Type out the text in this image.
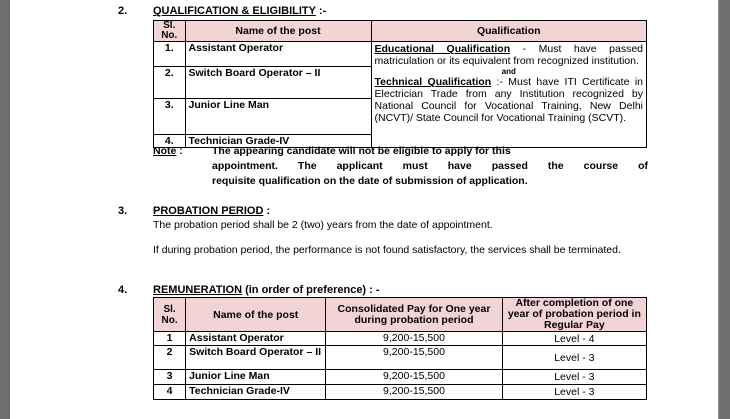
2. QUALIFICATION & ELIGIBILITY :-
Sl. No.	Name of the post	Qualification
1.	Assistant Operator	Educational Qualification - Must have passed matriculation or its equivalent from recognized institution.
and
Technical Qualification :- Must have ITI Certificate in Electrician Trade from any Institution recognized by National Council for Vocational Training, New Delhi (NCVT)/ State Council for Vocational Training (SCVT).

2.	Switch Board Operator – II	
3.	Junior Line Man	
4.	Technician Grade-IV	
Note :	The appearing candidate will not be eligible to apply for this
appointment. The applicant must have passed the course of
requisite qualification on the date of submission of application.
3. PROBATION PERIOD :
The probation period shall be 2 (two) years from the date of appointment.
If during probation period, the performance is not found satisfactory, the services shall be terminated.
4. REMUNERATION (in order of preference) : -
Sl. No.	Name of the post	Consolidated Pay for One year during probation period	After completion of one year of probation period in Regular Pay
1	Assistant Operator	9,200-15,500	Level - 4
2	Switch Board Operator – II	9,200-15,500	Level - 3
3	Junior Line Man	9,200-15,500	Level - 3
4	Technician Grade-IV	9,200-15,500	Level - 3
